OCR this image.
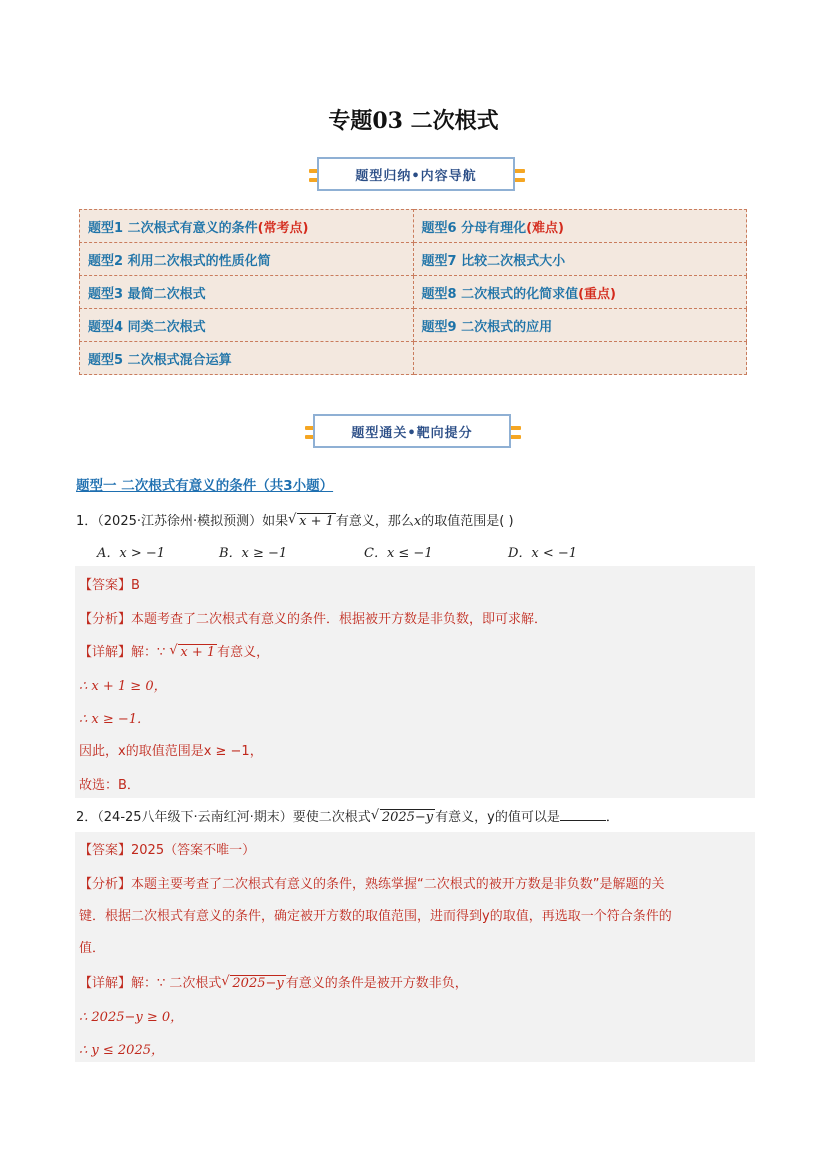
专题03 二次根式
题型归纳•内容导航
题型1 二次根式有意义的条件(常考点)	题型6 分母有理化(难点)
题型2 利用二次根式的性质化简	题型7 比较二次根式大小
题型3 最简二次根式	题型8 二次根式的化简求值(重点)
题型4 同类二次根式	题型9 二次根式的应用
题型5 二次根式混合运算	
题型通关•靶向提分
题型一 二次根式有意义的条件（共3小题）
1．（2025·江苏徐州·模拟预测）如果 √ x + 1 有意义，那么x的取值范围是( )
A．x > −1	B．x ≥ −1	C．x ≤ −1	D．x < −1
【答案】B
【分析】本题考查了二次根式有意义的条件．根据被开方数是非负数，即可求解．
【详解】解：∵ √ x + 1 有意义，
∴ x + 1 ≥ 0，
∴ x ≥ −1．
因此，x的取值范围是x ≥ −1，
故选：B．
2．（24-25八年级下·云南红河·期末）要使二次根式 √ 2025−y 有意义，y的值可以是	．
【答案】2025（答案不唯一）
【分析】本题主要考查了二次根式有意义的条件，熟练掌握“二次根式的被开方数是非负数”是解题的关
键．根据二次根式有意义的条件，确定被开方数的取值范围，进而得到y的取值，再选取一个符合条件的
值．
【详解】解：∵ 二次根式 √ 2025−y 有意义的条件是被开方数非负，
∴ 2025−y ≥ 0，
∴ y ≤ 2025，
